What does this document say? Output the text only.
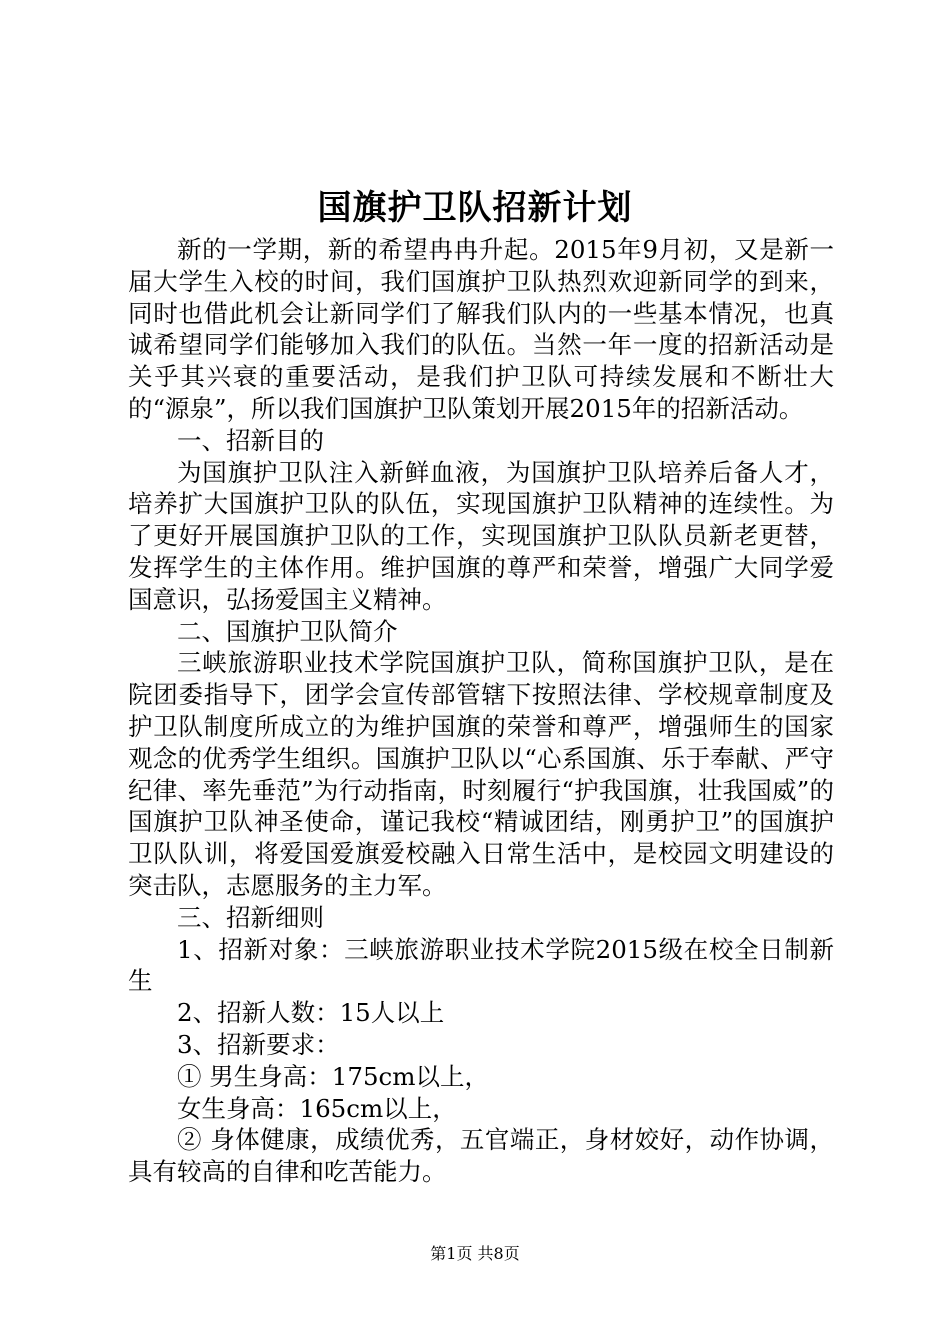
国旗护卫队招新计划

新的一学期，新的希望冉冉升起。2015年9月初，又是新一届大学生入校的时间，我们国旗护卫队热烈欢迎新同学的到来，同时也借此机会让新同学们了解我们队内的一些基本情况，也真诚希望同学们能够加入我们的队伍。当然一年一度的招新活动是关乎其兴衰的重要活动，是我们护卫队可持续发展和不断壮大的“源泉”，所以我们国旗护卫队策划开展2015年的招新活动。

一、招新目的

为国旗护卫队注入新鲜血液，为国旗护卫队培养后备人才，培养扩大国旗护卫队的队伍，实现国旗护卫队精神的连续性。为了更好开展国旗护卫队的工作，实现国旗护卫队队员新老更替，发挥学生的主体作用。维护国旗的尊严和荣誉，增强广大同学爱国意识，弘扬爱国主义精神。

二、国旗护卫队简介

三峡旅游职业技术学院国旗护卫队，简称国旗护卫队，是在院团委指导下，团学会宣传部管辖下按照法律、学校规章制度及护卫队制度所成立的为维护国旗的荣誉和尊严，增强师生的国家观念的优秀学生组织。国旗护卫队以“心系国旗、乐于奉献、严守纪律、率先垂范”为行动指南，时刻履行“护我国旗，壮我国威”的国旗护卫队神圣使命，谨记我校“精诚团结，刚勇护卫”的国旗护卫队队训，将爱国爱旗爱校融入日常生活中，是校园文明建设的突击队，志愿服务的主力军。

三、招新细则

1、招新对象：三峡旅游职业技术学院2015级在校全日制新生

2、招新人数：15人以上

3、招新要求：

① 男生身高：175cm以上，

女生身高：165cm以上，

② 身体健康，成绩优秀，五官端正，身材姣好，动作协调，具有较高的自律和吃苦能力。

第1页 共8页
